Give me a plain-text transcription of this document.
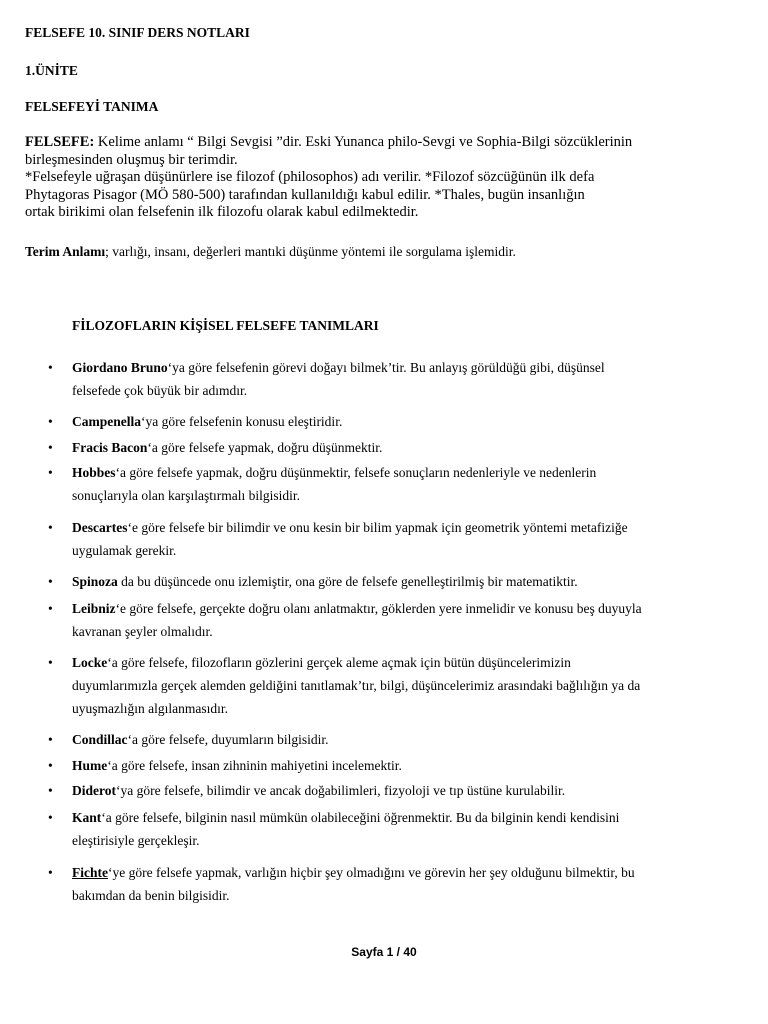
FELSEFE 10. SINIF DERS NOTLARI
1.ÜNİTE
FELSEFEYİ TANIMA
FELSEFE: Kelime anlamı “ Bilgi Sevgisi ”dir. Eski Yunanca philo-Sevgi ve Sophia-Bilgi sözcüklerinin
birleşmesinden oluşmuş bir terimdir.
*Felsefeyle uğraşan düşünürlere ise filozof (philosophos) adı verilir. *Filozof sözcüğünün ilk defa
Phytagoras Pisagor (MÖ 580-500) tarafından kullanıldığı kabul edilir. *Thales, bugün insanlığın
ortak birikimi olan felsefenin ilk filozofu olarak kabul edilmektedir.
Terim Anlamı; varlığı, insanı, değerleri mantıki düşünme yöntemi ile sorgulama işlemidir.
FİLOZOFLARIN KİŞİSEL FELSEFE TANIMLARI
• Giordano Bruno‘ya göre felsefenin görevi doğayı bilmek’tir. Bu anlayış görüldüğü gibi, düşünsel
felsefede çok büyük bir adımdır.
• Campenella‘ya göre felsefenin konusu eleştiridir.
• Fracis Bacon‘a göre felsefe yapmak, doğru düşünmektir.
• Hobbes‘a göre felsefe yapmak, doğru düşünmektir, felsefe sonuçların nedenleriyle ve nedenlerin
sonuçlarıyla olan karşılaştırmalı bilgisidir.
• Descartes‘e göre felsefe bir bilimdir ve onu kesin bir bilim yapmak için geometrik yöntemi metafiziğe
uygulamak gerekir.
• Spinoza da bu düşüncede onu izlemiştir, ona göre de felsefe genelleştirilmiş bir matematiktir.
• Leibniz‘e göre felsefe, gerçekte doğru olanı anlatmaktır, göklerden yere inmelidir ve konusu beş duyuyla
kavranan şeyler olmalıdır.
• Locke‘a göre felsefe, filozofların gözlerini gerçek aleme açmak için bütün düşüncelerimizin
duyumlarımızla gerçek alemden geldiğini tanıtlamak’tır, bilgi, düşüncelerimiz arasındaki bağlılığın ya da
uyuşmazlığın algılanmasıdır.
• Condillac‘a göre felsefe, duyumların bilgisidir.
• Hume‘a göre felsefe, insan zihninin mahiyetini incelemektir.
• Diderot‘ya göre felsefe, bilimdir ve ancak doğabilimleri, fizyoloji ve tıp üstüne kurulabilir.
• Kant‘a göre felsefe, bilginin nasıl mümkün olabileceğini öğrenmektir. Bu da bilginin kendi kendisini
eleştirisiyle gerçekleşir.
• Fichte‘ye göre felsefe yapmak, varlığın hiçbir şey olmadığını ve görevin her şey olduğunu bilmektir, bu
bakımdan da benin bilgisidir.
Sayfa 1 / 40
